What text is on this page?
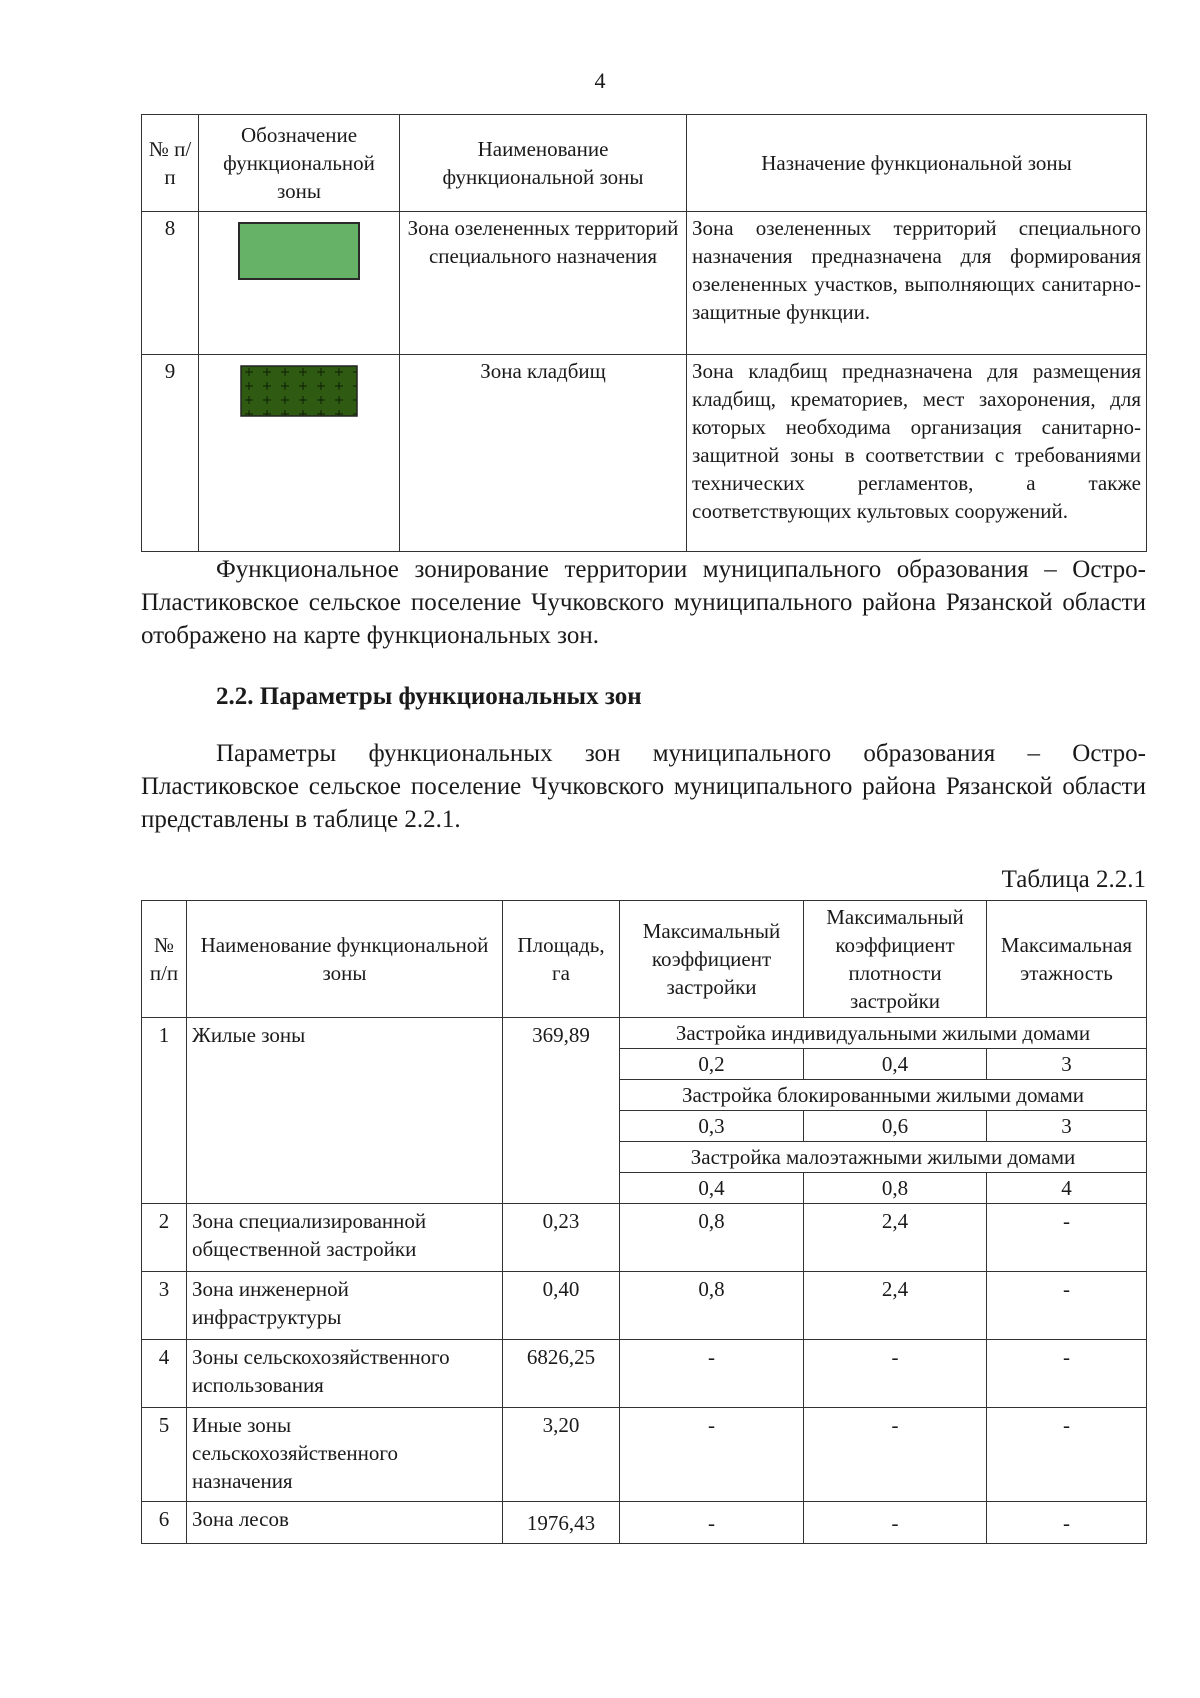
4
№ п/п	Обозначение функциональной зоны	Наименование функциональной зоны	Назначение функциональной зоны
8		Зона озелененных территорий специального назначения	Зона озелененных территорий специального назначения предназначена для формирования озелененных участков, выполняющих санитарно-защитные функции.
9		Зона кладбищ	Зона кладбищ предназначена для размещения кладбищ, крематориев, мест захоронения, для которых необходима организация санитарно-защитной зоны в соответствии с требованиями технических регламентов, а также соответствующих культовых сооружений.

Функциональное зонирование территории муниципального образования – Остро-Пластиковское сельское поселение Чучковского муниципального района Рязанской области отображено на карте функциональных зон.

2.2. Параметры функциональных зон

Параметры функциональных зон муниципального образования – Остро-Пластиковское сельское поселение Чучковского муниципального района Рязанской области представлены в таблице 2.2.1.

Таблица 2.2.1
№ п/п	Наименование функциональной зоны	Площадь, га	Максимальный коэффициент застройки	Максимальный коэффициент плотности застройки	Максимальная этажность
1	Жилые зоны	369,89	Застройка индивидуальными жилыми домами		
			0,2	0,4	3
			Застройка блокированными жилыми домами		
			0,3	0,6	3
			Застройка малоэтажными жилыми домами		
			0,4	0,8	4
2	Зона специализированной общественной застройки	0,23	0,8	2,4	-
3	Зона инженерной инфраструктуры	0,40	0,8	2,4	-
4	Зоны сельскохозяйственного использования	6826,25	-	-	-
5	Иные зоны сельскохозяйственного назначения	3,20	-	-	-
6	Зона лесов	1976,43	-	-	-
